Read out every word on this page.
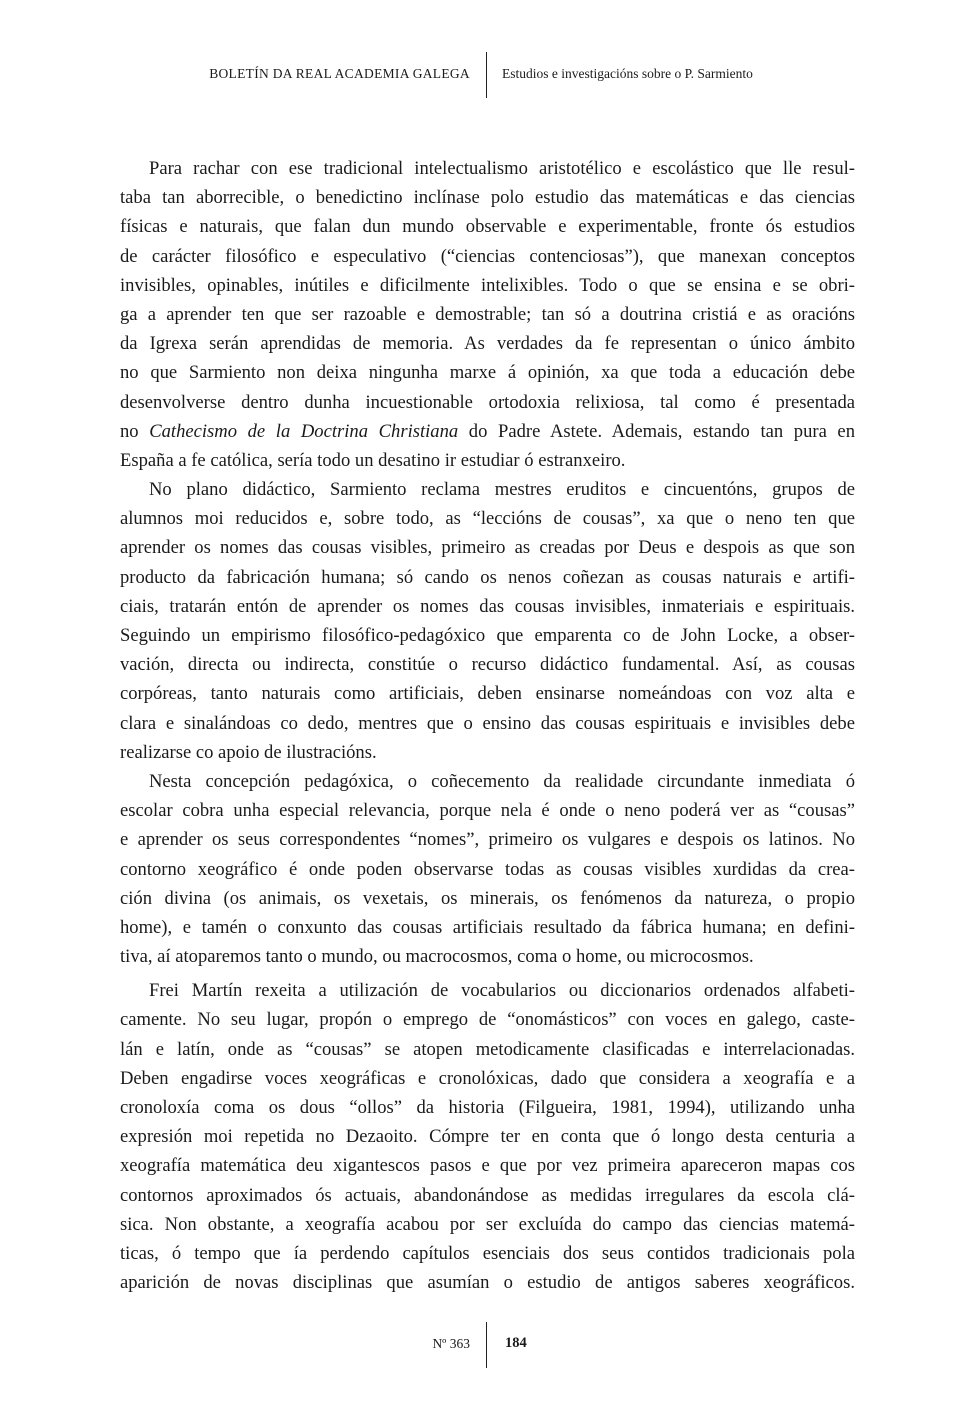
BOLETÍN DA REAL ACADEMIA GALEGA Estudios e investigacións sobre o P. Sarmiento
Para rachar con ese tradicional intelectualismo aristotélico e escolástico que lle resul-
taba tan aborrecible, o benedictino inclínase polo estudio das matemáticas e das ciencias
físicas e naturais, que falan dun mundo observable e experimentable, fronte ós estudios
de carácter filosófico e especulativo (“ciencias contenciosas”), que manexan conceptos
invisibles, opinables, inútiles e dificilmente intelixibles. Todo o que se ensina e se obri-
ga a aprender ten que ser razoable e demostrable; tan só a doutrina cristiá e as oracións
da Igrexa serán aprendidas de memoria. As verdades da fe representan o único ámbito
no que Sarmiento non deixa ningunha marxe á opinión, xa que toda a educación debe
desenvolverse dentro dunha incuestionable ortodoxia relixiosa, tal como é presentada
no Cathecismo de la Doctrina Christiana do Padre Astete. Ademais, estando tan pura en
España a fe católica, sería todo un desatino ir estudiar ó estranxeiro.
No plano didáctico, Sarmiento reclama mestres eruditos e cincuentóns, grupos de
alumnos moi reducidos e, sobre todo, as “leccións de cousas”, xa que o neno ten que
aprender os nomes das cousas visibles, primeiro as creadas por Deus e despois as que son
producto da fabricación humana; só cando os nenos coñezan as cousas naturais e artifi-
ciais, tratarán entón de aprender os nomes das cousas invisibles, inmateriais e espirituais.
Seguindo un empirismo filosófico-pedagóxico que emparenta co de John Locke, a obser-
vación, directa ou indirecta, constitúe o recurso didáctico fundamental. Así, as cousas
corpóreas, tanto naturais como artificiais, deben ensinarse nomeándoas con voz alta e
clara e sinalándoas co dedo, mentres que o ensino das cousas espirituais e invisibles debe
realizarse co apoio de ilustracións.
Nesta concepción pedagóxica, o coñecemento da realidade circundante inmediata ó
escolar cobra unha especial relevancia, porque nela é onde o neno poderá ver as “cousas”
e aprender os seus correspondentes “nomes”, primeiro os vulgares e despois os latinos. No
contorno xeográfico é onde poden observarse todas as cousas visibles xurdidas da crea-
ción divina (os animais, os vexetais, os minerais, os fenómenos da natureza, o propio
home), e tamén o conxunto das cousas artificiais resultado da fábrica humana; en defini-
tiva, aí atoparemos tanto o mundo, ou macrocosmos, coma o home, ou microcosmos.
Frei Martín rexeita a utilización de vocabularios ou diccionarios ordenados alfabeti-
camente. No seu lugar, propón o emprego de “onomásticos” con voces en galego, caste-
lán e latín, onde as “cousas” se atopen metodicamente clasificadas e interrelacionadas.
Deben engadirse voces xeográficas e cronolóxicas, dado que considera a xeografía e a
cronoloxía coma os dous “ollos” da historia (Filgueira, 1981, 1994), utilizando unha
expresión moi repetida no Dezaoito. Cómpre ter en conta que ó longo desta centuria a
xeografía matemática deu xigantescos pasos e que por vez primeira apareceron mapas cos
contornos aproximados ós actuais, abandonándose as medidas irregulares da escola clá-
sica. Non obstante, a xeografía acabou por ser excluída do campo das ciencias matemá-
ticas, ó tempo que ía perdendo capítulos esenciais dos seus contidos tradicionais pola
aparición de novas disciplinas que asumían o estudio de antigos saberes xeográficos.
Nº 363 184
